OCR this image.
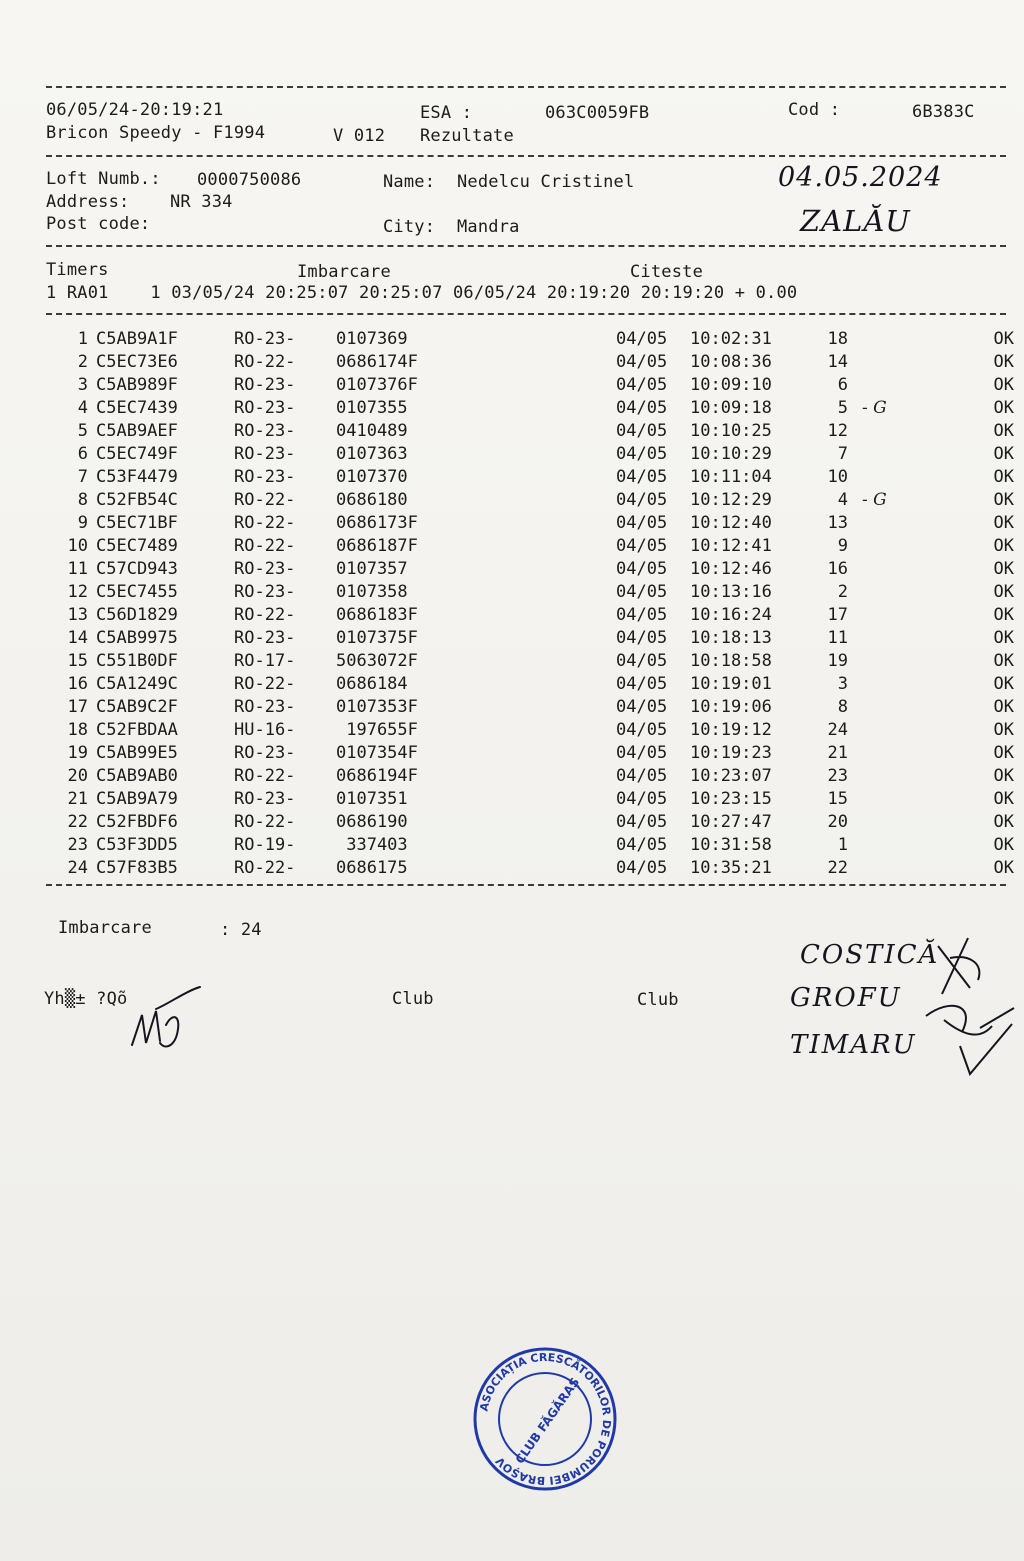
06/05/24-20:19:21	ESA :	063C0059FB	Cod :	6B383C
Bricon Speedy - F1994	V 012 Rezultate
Loft Numb.: 0000750086	Name: Nedelcu Cristinel
Address: NR 334
Post code:	City: Mandra
04.05.2024
ZALĂU
Timers	Imbarcare	Citeste
1 RA01    1 03/05/24 20:25:07 20:25:07 06/05/24 20:19:20 20:19:20 + 0.00
1	C5AB9A1F	RO-23-	0107369	04/05	10:02:31	18		OK
2	C5EC73E6	RO-22-	0686174F	04/05	10:08:36	14		OK
3	C5AB989F	RO-23-	0107376F	04/05	10:09:10	6		OK
4	C5EC7439	RO-23-	0107355	04/05	10:09:18	5	- G	OK
5	C5AB9AEF	RO-23-	0410489	04/05	10:10:25	12		OK
6	C5EC749F	RO-23-	0107363	04/05	10:10:29	7		OK
7	C53F4479	RO-23-	0107370	04/05	10:11:04	10		OK
8	C52FB54C	RO-22-	0686180	04/05	10:12:29	4	- G	OK
9	C5EC71BF	RO-22-	0686173F	04/05	10:12:40	13		OK
10	C5EC7489	RO-22-	0686187F	04/05	10:12:41	9		OK
11	C57CD943	RO-23-	0107357	04/05	10:12:46	16		OK
12	C5EC7455	RO-23-	0107358	04/05	10:13:16	2		OK
13	C56D1829	RO-22-	0686183F	04/05	10:16:24	17		OK
14	C5AB9975	RO-23-	0107375F	04/05	10:18:13	11		OK
15	C551B0DF	RO-17-	5063072F	04/05	10:18:58	19		OK
16	C5A1249C	RO-22-	0686184	04/05	10:19:01	3		OK
17	C5AB9C2F	RO-23-	0107353F	04/05	10:19:06	8		OK
18	C52FBDAA	HU-16-	197655F	04/05	10:19:12	24		OK
19	C5AB99E5	RO-23-	0107354F	04/05	10:19:23	21		OK
20	C5AB9AB0	RO-22-	0686194F	04/05	10:23:07	23		OK
21	C5AB9A79	RO-23-	0107351	04/05	10:23:15	15		OK
22	C52FBDF6	RO-22-	0686190	04/05	10:27:47	20		OK
23	C53F3DD5	RO-19-	337403	04/05	10:31:58	1		OK
24	C57F83B5	RO-22-	0686175	04/05	10:35:21	22		OK
Imbarcare	: 24
Yh▒± ?Qõ	Club	Club
COSTICĂ
GROFU
TIMARU
ASOCIAȚIA CRESCĂTORILOR DE PORUMBEI BRAȘOV CLUB FĂGĂRAȘ
